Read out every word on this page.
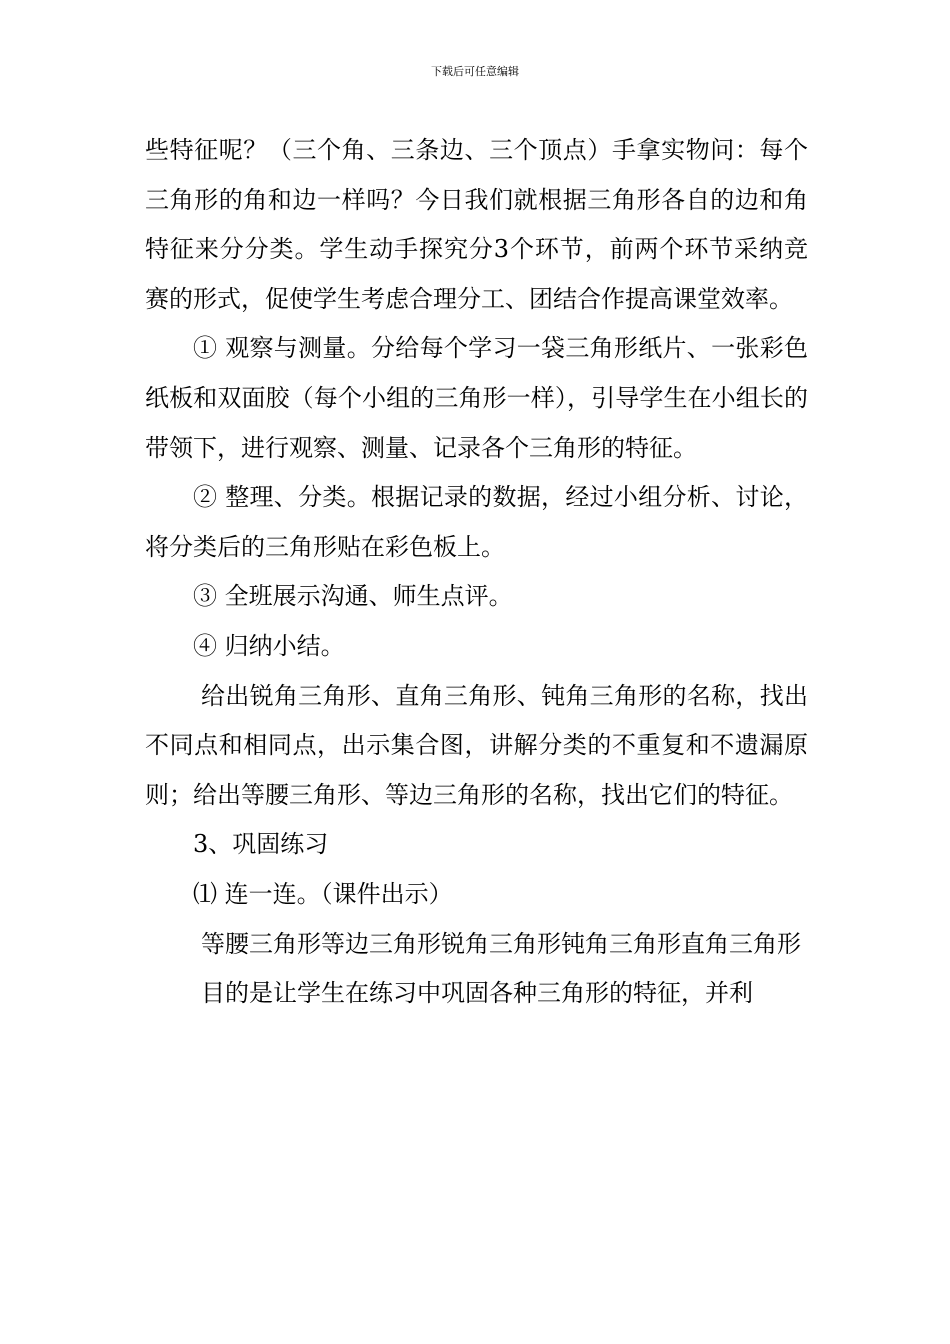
下载后可任意编辑

些特征呢？（三个角、三条边、三个顶点）手拿实物问：每个三角形的角和边一样吗？今日我们就根据三角形各自的边和角特征来分分类。学生动手探究分3个环节，前两个环节采纳竞赛的形式，促使学生考虑合理分工、团结合作提高课堂效率。

① 观察与测量。分给每个学习一袋三角形纸片、一张彩色纸板和双面胶（每个小组的三角形一样），引导学生在小组长的带领下，进行观察、测量、记录各个三角形的特征。

② 整理、分类。根据记录的数据，经过小组分析、讨论，将分类后的三角形贴在彩色板上。

③ 全班展示沟通、师生点评。

④ 归纳小结。

给出锐角三角形、直角三角形、钝角三角形的名称，找出不同点和相同点，出示集合图，讲解分类的不重复和不遗漏原则；给出等腰三角形、等边三角形的名称，找出它们的特征。

3、巩固练习

⑴ 连一连。（课件出示）

等腰三角形等边三角形锐角三角形钝角三角形直角三角形

目的是让学生在练习中巩固各种三角形的特征，并利
